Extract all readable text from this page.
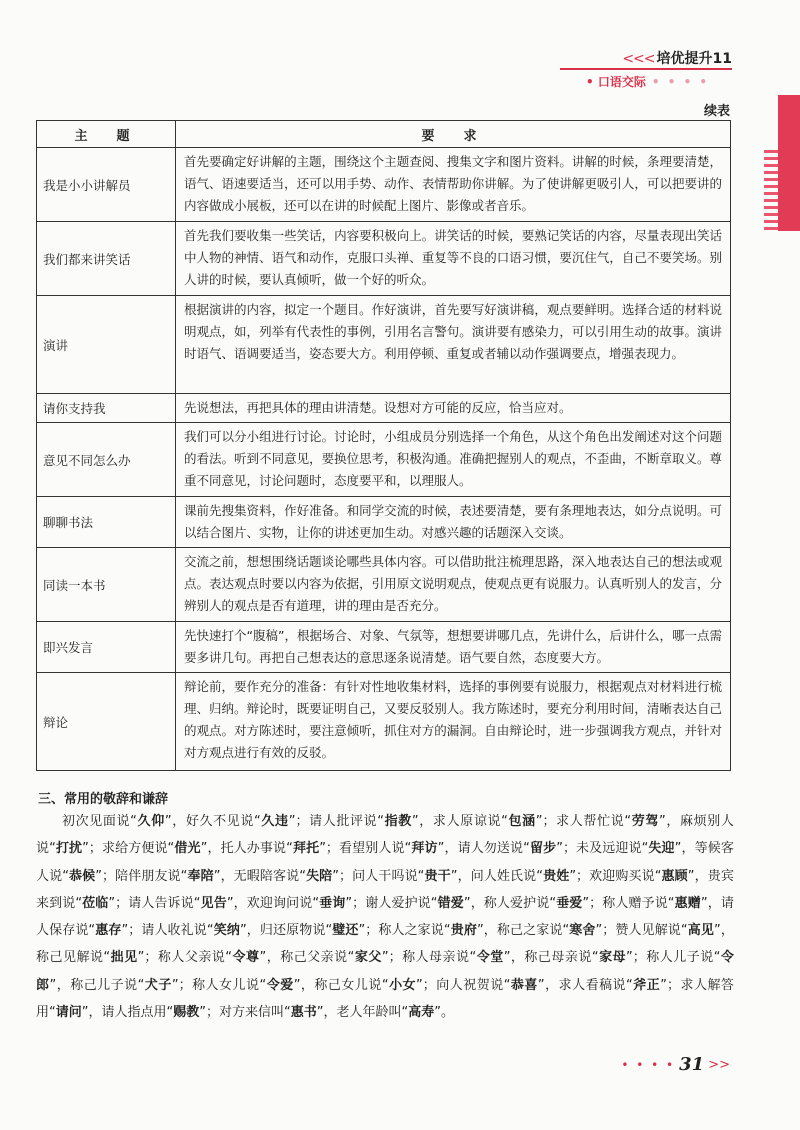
<<< 培优提升11
• 口语交际 • • • •
续表
主　题	要　求
我是小小讲解员	首先要确定好讲解的主题，围绕这个主题查阅、搜集文字和图片资料。讲解的时候，条理要清楚，语气、语速要适当，还可以用手势、动作、表情帮助你讲解。为了使讲解更吸引人，可以把要讲的内容做成小展板，还可以在讲的时候配上图片、影像或者音乐。
我们都来讲笑话	首先我们要收集一些笑话，内容要积极向上。讲笑话的时候，要熟记笑话的内容，尽量表现出笑话中人物的神情、语气和动作，克服口头禅、重复等不良的口语习惯，要沉住气，自己不要笑场。别人讲的时候，要认真倾听，做一个好的听众。
演讲	根据演讲的内容，拟定一个题目。作好演讲，首先要写好演讲稿，观点要鲜明。选择合适的材料说明观点，如，列举有代表性的事例，引用名言警句。演讲要有感染力，可以引用生动的故事。演讲时语气、语调要适当，姿态要大方。利用停顿、重复或者辅以动作强调要点，增强表现力。
请你支持我	先说想法，再把具体的理由讲清楚。设想对方可能的反应，恰当应对。
意见不同怎么办	我们可以分小组进行讨论。讨论时，小组成员分别选择一个角色，从这个角色出发阐述对这个问题的看法。听到不同意见，要换位思考，积极沟通。准确把握别人的观点，不歪曲，不断章取义。尊重不同意见，讨论问题时，态度要平和，以理服人。
聊聊书法	课前先搜集资料，作好准备。和同学交流的时候，表述要清楚，要有条理地表达，如分点说明。可以结合图片、实物，让你的讲述更加生动。对感兴趣的话题深入交谈。
同读一本书	交流之前，想想围绕话题谈论哪些具体内容。可以借助批注梳理思路，深入地表达自己的想法或观点。表达观点时要以内容为依据，引用原文说明观点，使观点更有说服力。认真听别人的发言，分辨别人的观点是否有道理，讲的理由是否充分。
即兴发言	先快速打个“腹稿”，根据场合、对象、气氛等，想想要讲哪几点，先讲什么，后讲什么，哪一点需要多讲几句。再把自己想表达的意思逐条说清楚。语气要自然，态度要大方。
辩论	辩论前，要作充分的准备：有针对性地收集材料，选择的事例要有说服力，根据观点对材料进行梳理、归纳。辩论时，既要证明自己，又要反驳别人。我方陈述时，要充分利用时间，清晰表达自己的观点。对方陈述时，要注意倾听，抓住对方的漏洞。自由辩论时，进一步强调我方观点，并针对对方观点进行有效的反驳。
三、常用的敬辞和谦辞
初次见面说“久仰”，好久不见说“久违”；请人批评说“指教”，求人原谅说“包涵”；求人帮忙说“劳驾”，麻烦别人说“打扰”；求给方便说“借光”，托人办事说“拜托”；看望别人说“拜访”，请人勿送说“留步”；未及远迎说“失迎”，等候客人说“恭候”；陪伴朋友说“奉陪”，无暇陪客说“失陪”；问人干吗说“贵干”，问人姓氏说“贵姓”；欢迎购买说“惠顾”，贵宾来到说“莅临”；请人告诉说“见告”，欢迎询问说“垂询”；谢人爱护说“错爱”，称人爱护说“垂爱”；称人赠予说“惠赠”，请人保存说“惠存”；请人收礼说“笑纳”，归还原物说“璧还”；称人之家说“贵府”，称己之家说“寒舍”；赞人见解说“高见”，称己见解说“拙见”；称人父亲说“令尊”，称己父亲说“家父”；称人母亲说“令堂”，称己母亲说“家母”；称人儿子说“令郎”，称己儿子说“犬子”；称人女儿说“令爱”，称己女儿说“小女”；向人祝贺说“恭喜”，求人看稿说“斧正”；求人解答用“请问”，请人指点用“赐教”；对方来信叫“惠书”，老人年龄叫“高寿”。
• • • • 31 >>
